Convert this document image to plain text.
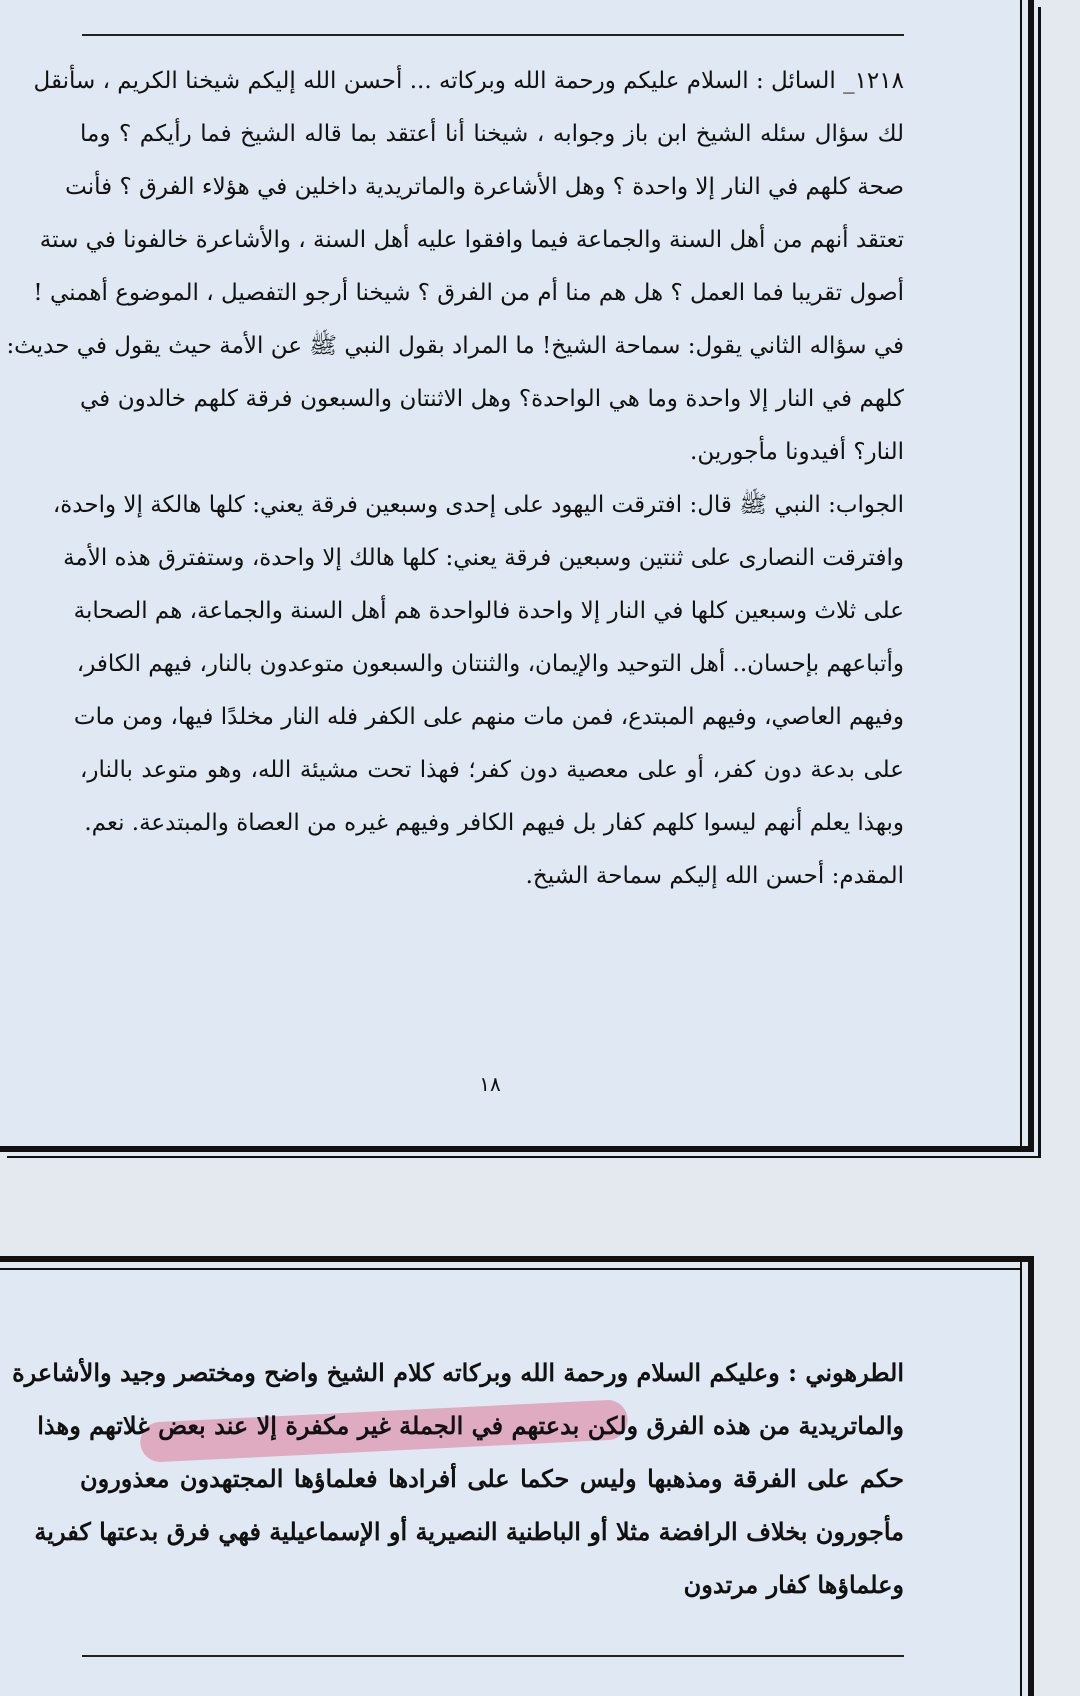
١٢١٨_ السائل : السلام عليكم ورحمة الله وبركاته ... أحسن الله إليكم شيخنا الكريم ، سأنقل
لك سؤال سئله الشيخ ابن باز وجوابه ، شيخنا أنا أعتقد بما قاله الشيخ فما رأيكم ؟ وما
صحة كلهم في النار إلا واحدة ؟ وهل الأشاعرة والماتريدية داخلين في هؤلاء الفرق ؟ فأنت
تعتقد أنهم من أهل السنة والجماعة فيما وافقوا عليه أهل السنة ، والأشاعرة خالفونا في ستة
أصول تقريبا فما العمل ؟ هل هم منا أم من الفرق ؟ شيخنا أرجو التفصيل ، الموضوع أهمني !
في سؤاله الثاني يقول: سماحة الشيخ! ما المراد بقول النبي ﷺ عن الأمة حيث يقول في حديث:
كلهم في النار إلا واحدة وما هي الواحدة؟ وهل الاثنتان والسبعون فرقة كلهم خالدون في
النار؟ أفيدونا مأجورين.
الجواب: النبي ﷺ قال: افترقت اليهود على إحدى وسبعين فرقة يعني: كلها هالكة إلا واحدة،
وافترقت النصارى على ثنتين وسبعين فرقة يعني: كلها هالك إلا واحدة، وستفترق هذه الأمة
على ثلاث وسبعين كلها في النار إلا واحدة فالواحدة هم أهل السنة والجماعة، هم الصحابة
وأتباعهم بإحسان.. أهل التوحيد والإيمان، والثنتان والسبعون متوعدون بالنار، فيهم الكافر،
وفيهم العاصي، وفيهم المبتدع، فمن مات منهم على الكفر فله النار مخلدًا فيها، ومن مات
على بدعة دون كفر، أو على معصية دون كفر؛ فهذا تحت مشيئة الله، وهو متوعد بالنار،
وبهذا يعلم أنهم ليسوا كلهم كفار بل فيهم الكافر وفيهم غيره من العصاة والمبتدعة. نعم.
المقدم: أحسن الله إليكم سماحة الشيخ.
١٨
الطرهوني : وعليكم السلام ورحمة الله وبركاته كلام الشيخ واضح ومختصر وجيد والأشاعرة
والماتريدية من هذه الفرق ولكن بدعتهم في الجملة غير مكفرة إلا عند بعض غلاتهم وهذا
حكم على الفرقة ومذهبها وليس حكما على أفرادها فعلماؤها المجتهدون معذورون
مأجورون بخلاف الرافضة مثلا أو الباطنية النصيرية أو الإسماعيلية فهي فرق بدعتها كفرية
وعلماؤها كفار مرتدون
